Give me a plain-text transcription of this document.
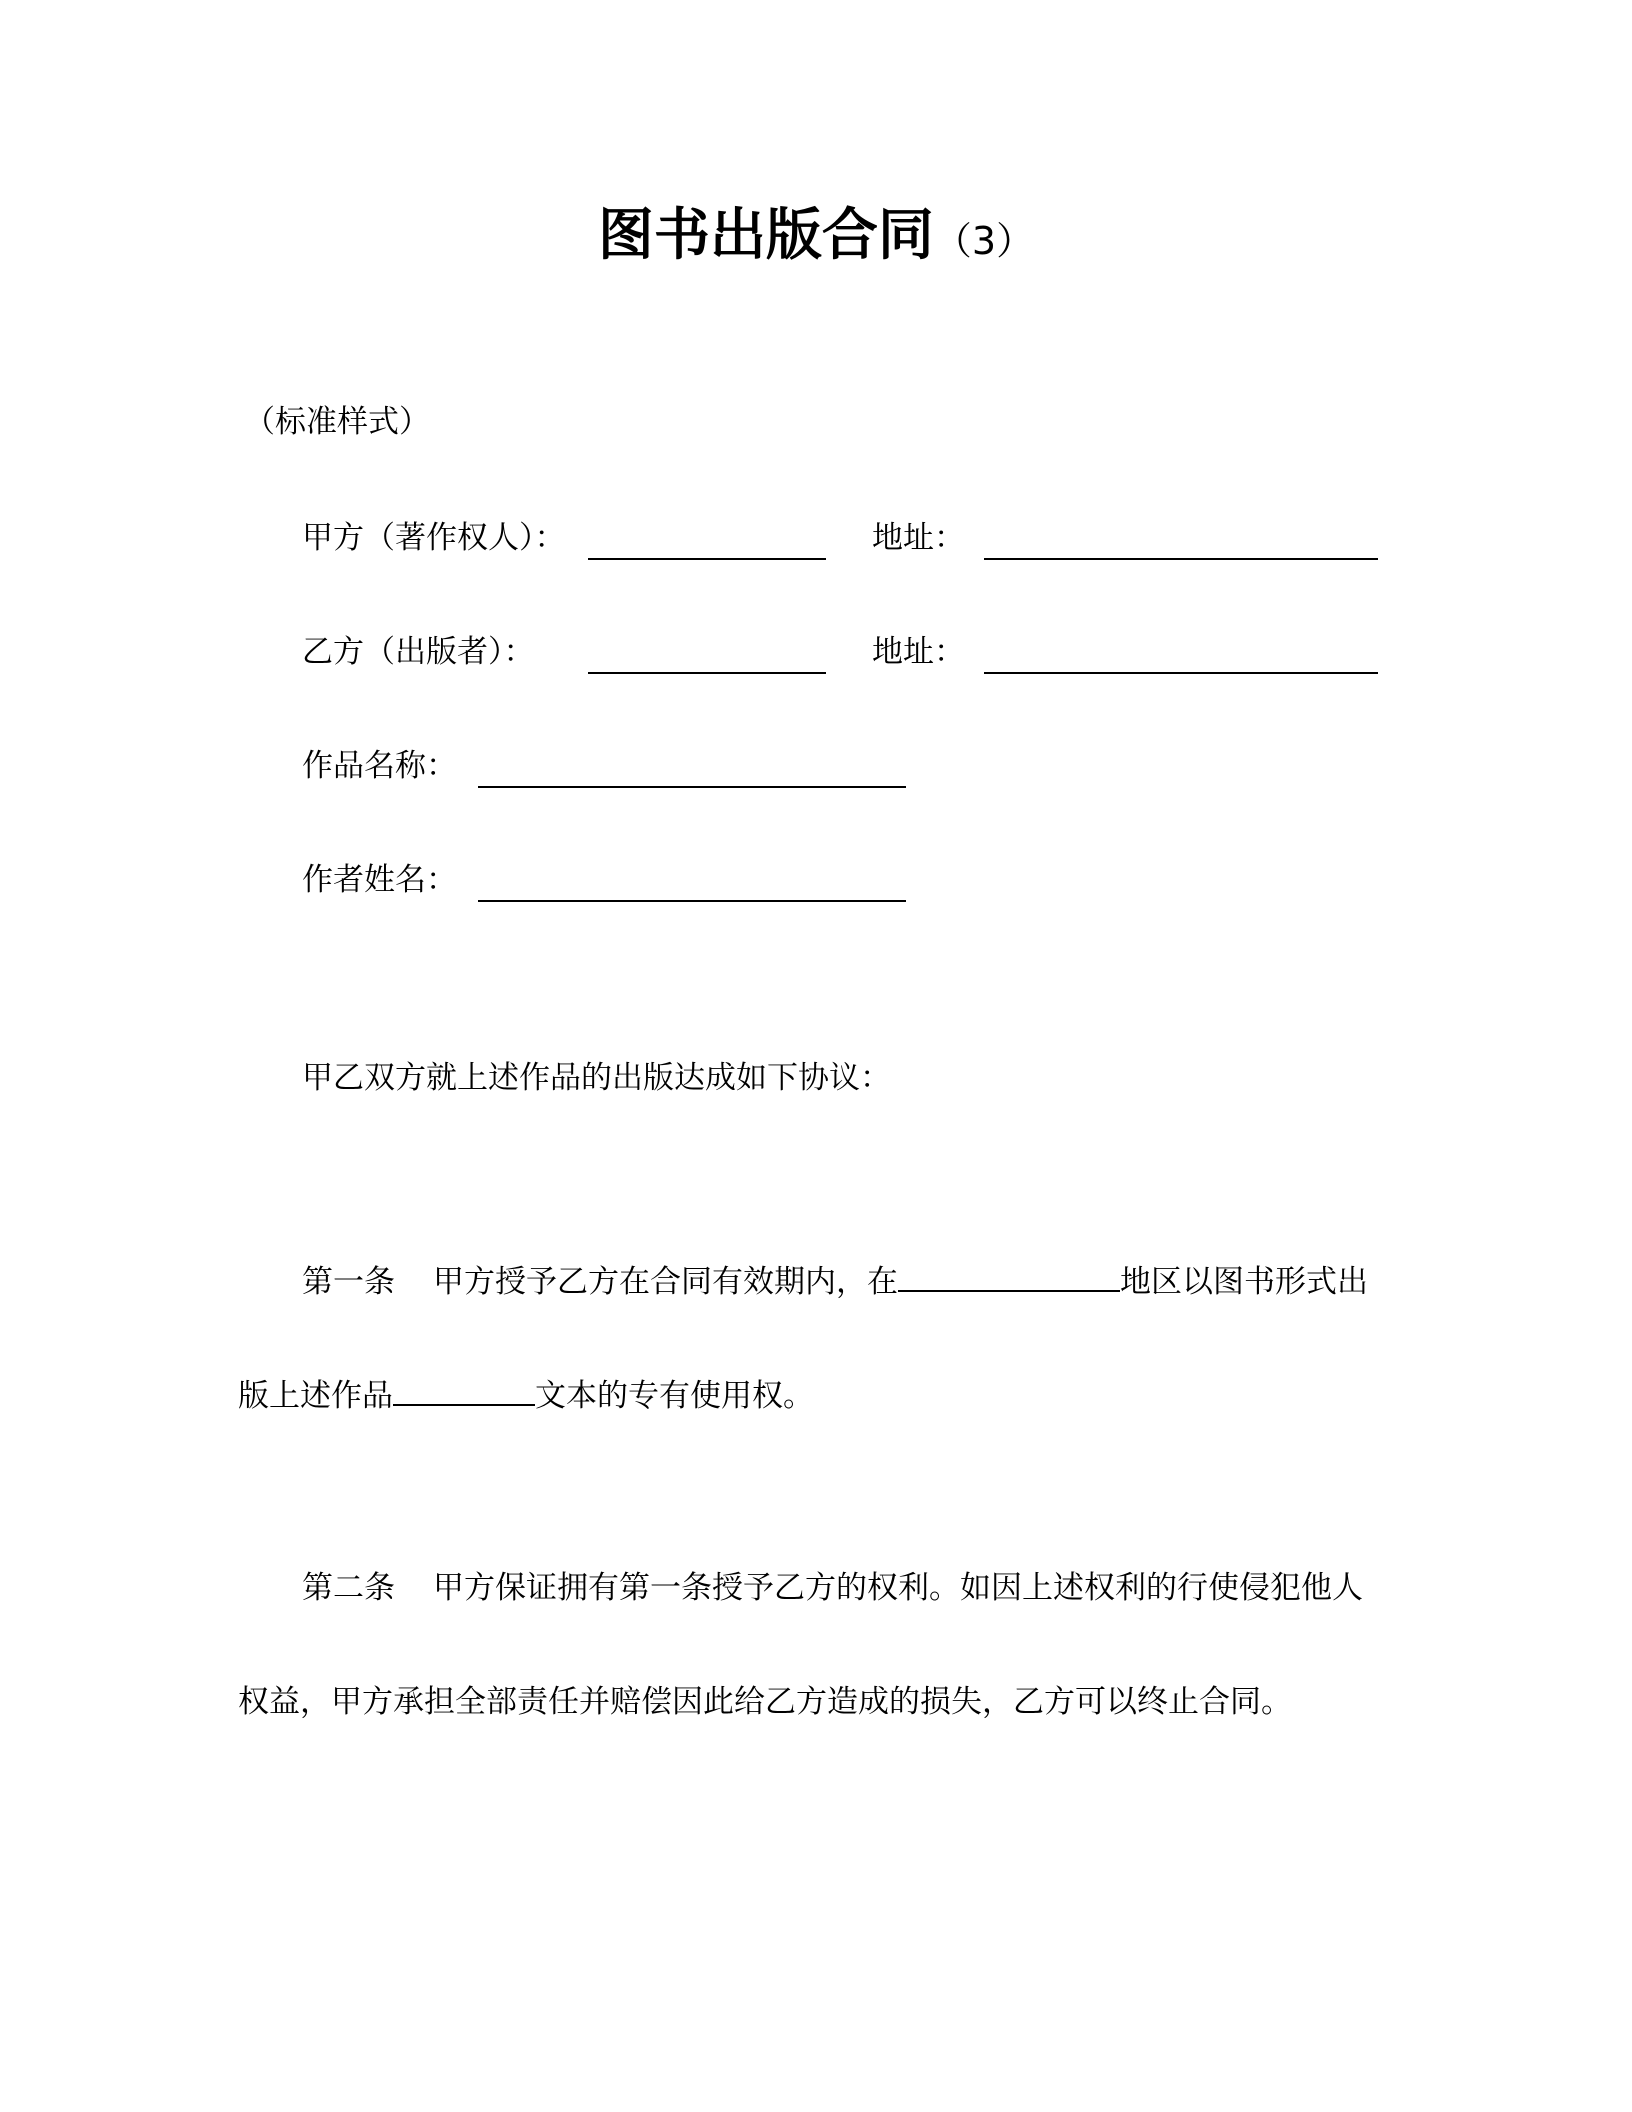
图书出版合同（3）
（标准样式）
甲方（著作权人）：	地址：
乙方（出版者）：	地址：
作品名称：
作者姓名：
甲乙双方就上述作品的出版达成如下协议：
第一条 甲方授予乙方在合同有效期内，在	地区以图书形式出
版上述作品	文本的专有使用权。
第二条 甲方保证拥有第一条授予乙方的权利。如因上述权利的行使侵犯他人
权益，甲方承担全部责任并赔偿因此给乙方造成的损失，乙方可以终止合同。
